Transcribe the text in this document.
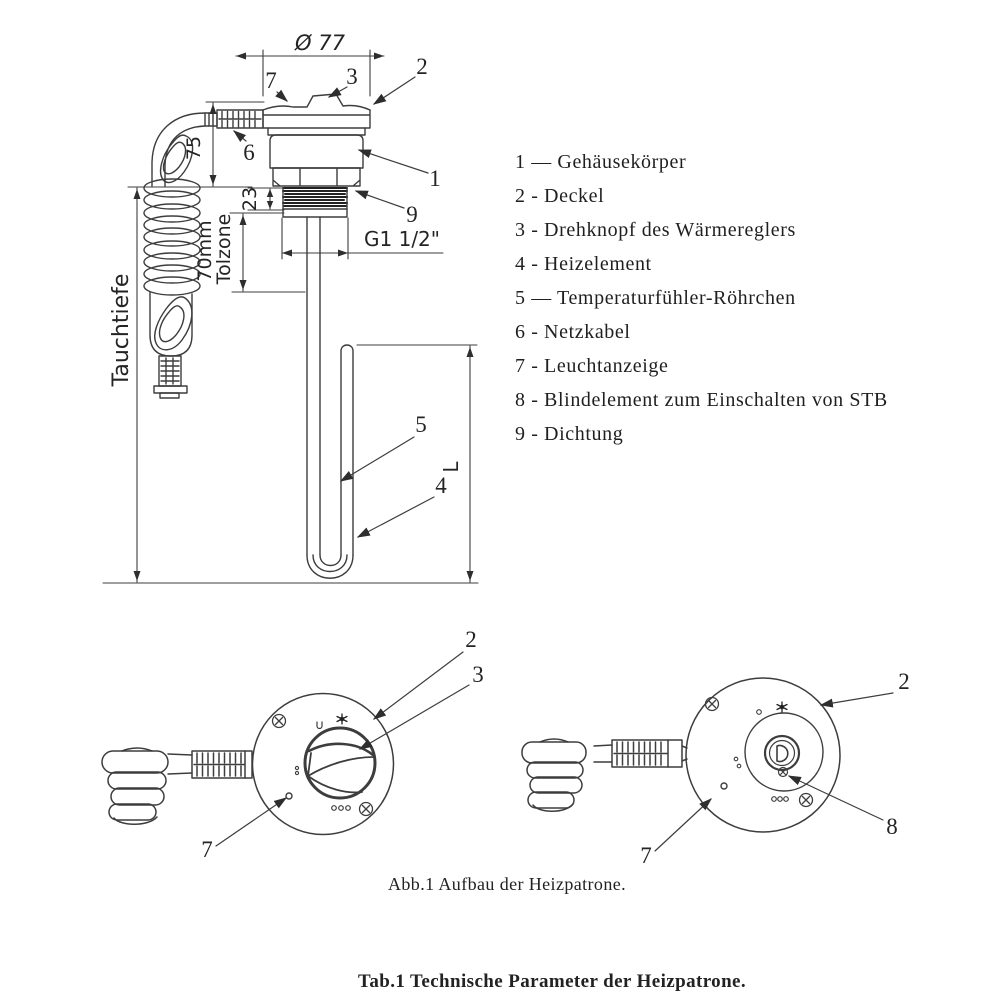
Ø 77
75
23
G1 1/2"
70mm
Tolzone
Tauchtiefe
L
7	3	2
6
1
9
5
4
2
3
7
2
8
7
1 — Gehäusekörper
2 - Deckel
3 - Drehknopf des Wärmereglers
4 - Heizelement
5 — Temperaturfühler-Röhrchen
6 - Netzkabel
7 - Leuchtanzeige
8 - Blindelement zum Einschalten von STB
9 - Dichtung
Abb.1 Aufbau der Heizpatrone.
Tab.1 Technische Parameter der Heizpatrone.
